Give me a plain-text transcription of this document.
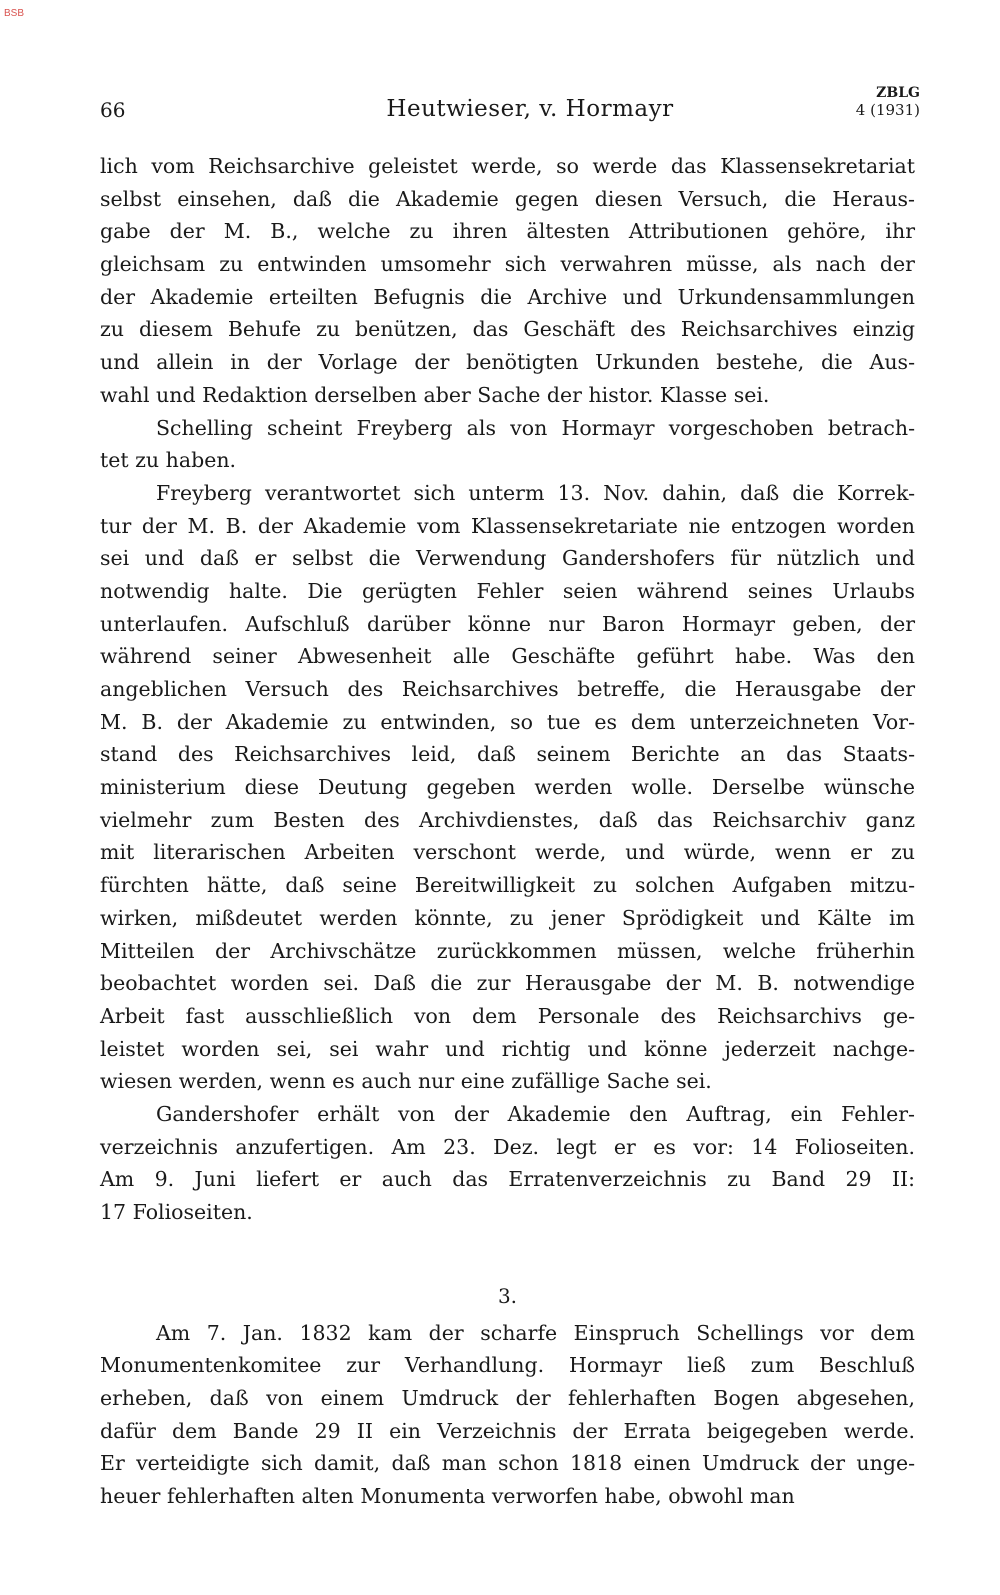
BSB
66	Heutwieser, v. Hormayr
ZBLG
4 (1931)
lich vom Reichsarchive geleistet werde, so werde das Klassensekretariat
selbst einsehen, daß die Akademie gegen diesen Versuch, die Heraus-
gabe der M. B., welche zu ihren ältesten Attributionen gehöre, ihr
gleichsam zu entwinden umsomehr sich verwahren müsse, als nach der
der Akademie erteilten Befugnis die Archive und Urkundensammlungen
zu diesem Behufe zu benützen, das Geschäft des Reichsarchives einzig
und allein in der Vorlage der benötigten Urkunden bestehe, die Aus-
wahl und Redaktion derselben aber Sache der histor. Klasse sei.
Schelling scheint Freyberg als von Hormayr vorgeschoben betrach-
tet zu haben.
Freyberg verantwortet sich unterm 13. Nov. dahin, daß die Korrek-
tur der M. B. der Akademie vom Klassensekretariate nie entzogen worden
sei und daß er selbst die Verwendung Gandershofers für nützlich und
notwendig halte. Die gerügten Fehler seien während seines Urlaubs
unterlaufen. Aufschluß darüber könne nur Baron Hormayr geben, der
während seiner Abwesenheit alle Geschäfte geführt habe. Was den
angeblichen Versuch des Reichsarchives betreffe, die Herausgabe der
M. B. der Akademie zu entwinden, so tue es dem unterzeichneten Vor-
stand des Reichsarchives leid, daß seinem Berichte an das Staats-
ministerium diese Deutung gegeben werden wolle. Derselbe wünsche
vielmehr zum Besten des Archivdienstes, daß das Reichsarchiv ganz
mit literarischen Arbeiten verschont werde, und würde, wenn er zu
fürchten hätte, daß seine Bereitwilligkeit zu solchen Aufgaben mitzu-
wirken, mißdeutet werden könnte, zu jener Sprödigkeit und Kälte im
Mitteilen der Archivschätze zurückkommen müssen, welche früherhin
beobachtet worden sei. Daß die zur Herausgabe der M. B. notwendige
Arbeit fast ausschließlich von dem Personale des Reichsarchivs ge-
leistet worden sei, sei wahr und richtig und könne jederzeit nachge-
wiesen werden, wenn es auch nur eine zufällige Sache sei.
Gandershofer erhält von der Akademie den Auftrag, ein Fehler-
verzeichnis anzufertigen. Am 23. Dez. legt er es vor: 14 Folioseiten.
Am 9. Juni liefert er auch das Erratenverzeichnis zu Band 29 II:
17 Folioseiten.
3.
Am 7. Jan. 1832 kam der scharfe Einspruch Schellings vor dem
Monumentenkomitee zur Verhandlung. Hormayr ließ zum Beschluß
erheben, daß von einem Umdruck der fehlerhaften Bogen abgesehen,
dafür dem Bande 29 II ein Verzeichnis der Errata beigegeben werde.
Er verteidigte sich damit, daß man schon 1818 einen Umdruck der unge-
heuer fehlerhaften alten Monumenta verworfen habe, obwohl man
